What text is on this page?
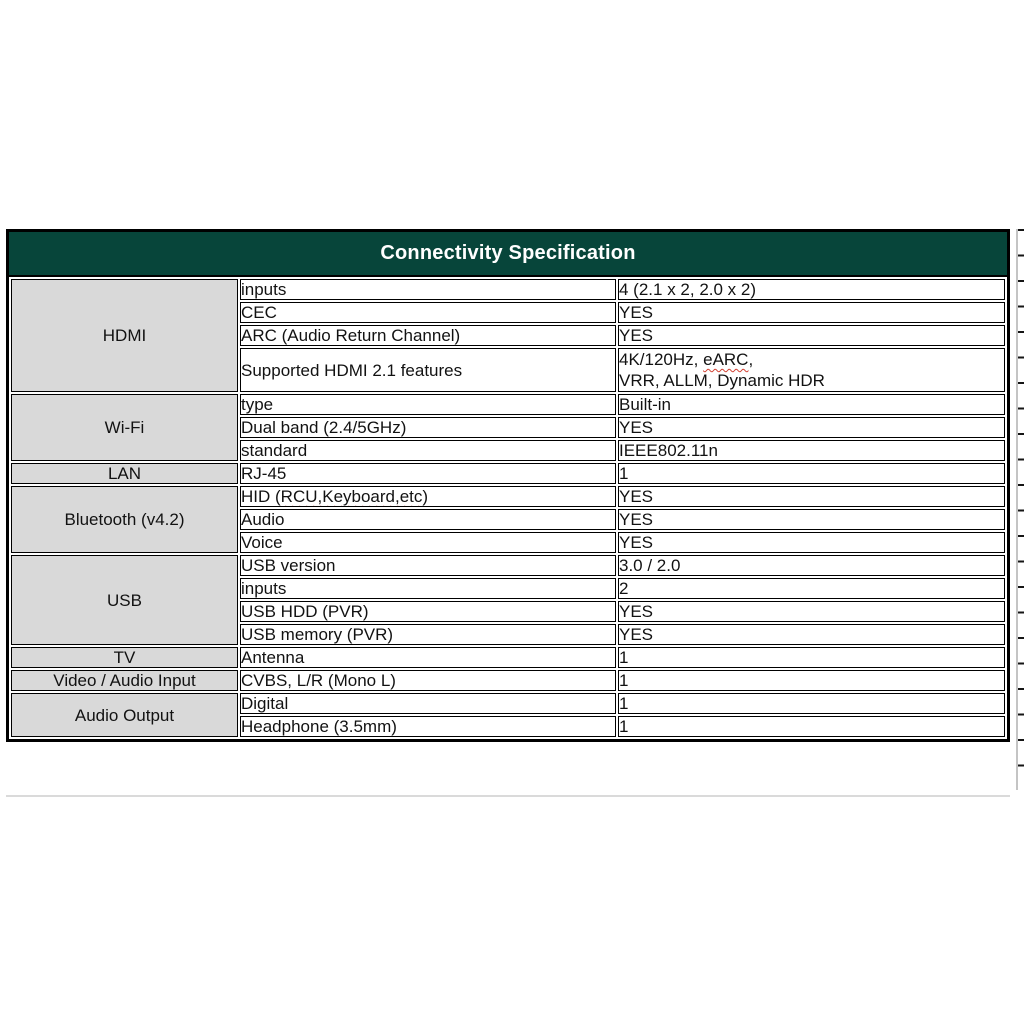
Connectivity Specification
HDMI	inputs	4 (2.1 x 2, 2.0 x 2)
	CEC	YES
	ARC (Audio Return Channel)	YES
	Supported HDMI 2.1 features	4K/120Hz, eARC,
VRR, ALLM, Dynamic HDR

Wi-Fi	type	Built-in
	Dual band (2.4/5GHz)	YES
	standard	IEEE802.11n
LAN	RJ-45	1
Bluetooth (v4.2)	HID (RCU,Keyboard,etc)	YES
	Audio	YES
	Voice	YES
USB	USB version	3.0 / 2.0
	inputs	2
	USB HDD (PVR)	YES
	USB memory (PVR)	YES
TV	Antenna	1
Video / Audio Input	CVBS, L/R (Mono L)	1
Audio Output	Digital	1
	Headphone (3.5mm)	1
